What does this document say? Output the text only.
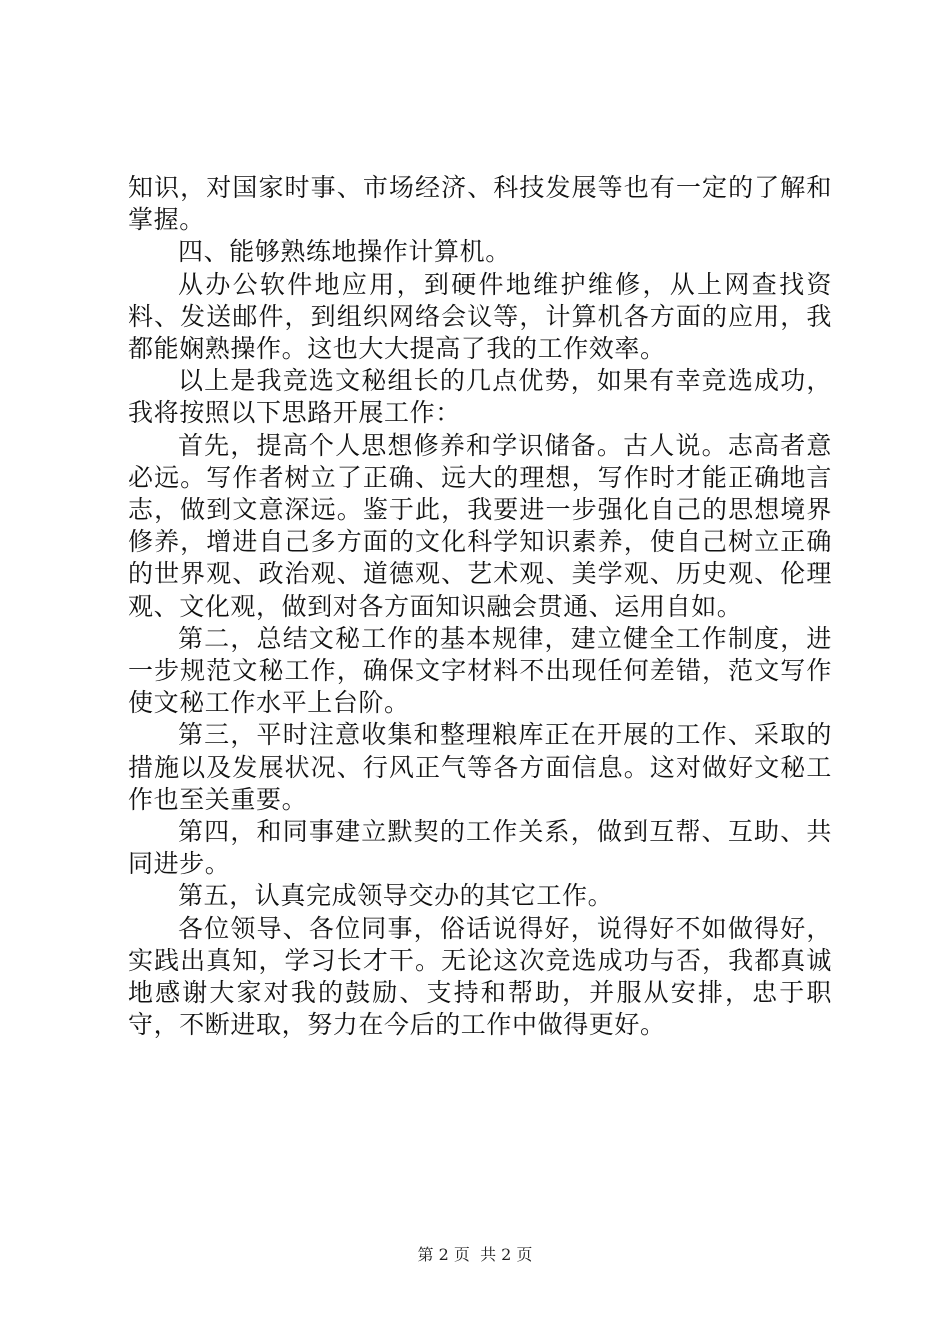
知识，对国家时事、市场经济、科技发展等也有一定的了解和掌握。

四、能够熟练地操作计算机。

从办公软件地应用，到硬件地维护维修，从上网查找资料、发送邮件，到组织网络会议等，计算机各方面的应用，我都能娴熟操作。这也大大提高了我的工作效率。

以上是我竞选文秘组长的几点优势，如果有幸竞选成功，我将按照以下思路开展工作：

首先，提高个人思想修养和学识储备。古人说。志高者意必远。写作者树立了正确、远大的理想，写作时才能正确地言志，做到文意深远。鉴于此，我要进一步强化自己的思想境界修养，增进自己多方面的文化科学知识素养，使自己树立正确的世界观、政治观、道德观、艺术观、美学观、历史观、伦理观、文化观，做到对各方面知识融会贯通、运用自如。

第二，总结文秘工作的基本规律，建立健全工作制度，进一步规范文秘工作，确保文字材料不出现任何差错，范文写作使文秘工作水平上台阶。

第三，平时注意收集和整理粮库正在开展的工作、采取的措施以及发展状况、行风正气等各方面信息。这对做好文秘工作也至关重要。

第四，和同事建立默契的工作关系，做到互帮、互助、共同进步。

第五，认真完成领导交办的其它工作。

各位领导、各位同事，俗话说得好，说得好不如做得好，实践出真知，学习长才干。无论这次竞选成功与否，我都真诚地感谢大家对我的鼓励、支持和帮助，并服从安排，忠于职守，不断进取，努力在今后的工作中做得更好。

第 2 页  共 2 页
